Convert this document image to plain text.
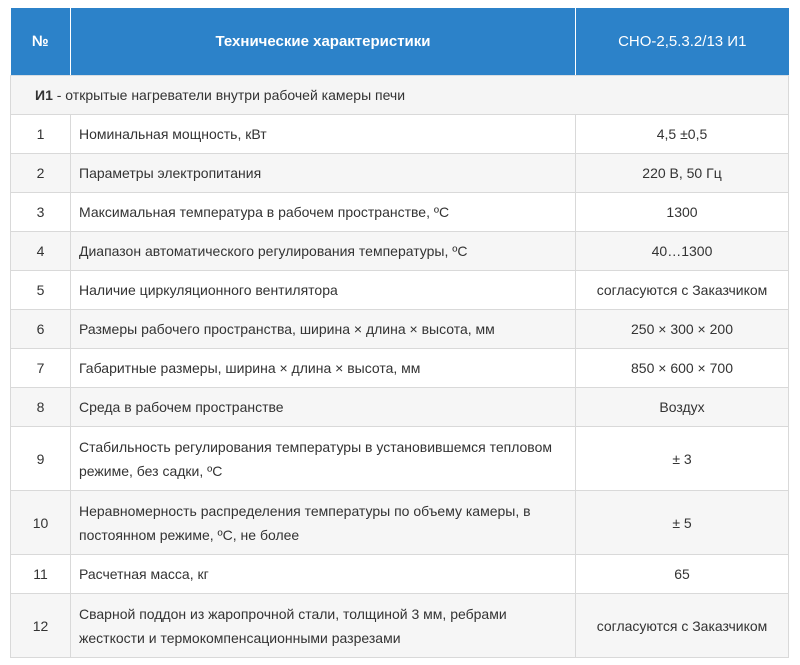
№	Технические характеристики	СНО-2,5.3.2/13 И1
И1 - открытые нагреватели внутри рабочей камеры печи		
1	Номинальная мощность, кВт	4,5 ±0,5
2	Параметры электропитания	220 В, 50 Гц
3	Максимальная температура в рабочем пространстве, ºС	1300
4	Диапазон автоматического регулирования температуры, ºС	40…1300
5	Наличие циркуляционного вентилятора	согласуются с Заказчиком
6	Размеры рабочего пространства, ширина × длина × высота, мм	250 × 300 × 200
7	Габаритные размеры, ширина × длина × высота, мм	850 × 600 × 700
8	Среда в рабочем пространстве	Воздух
9	Стабильность регулирования температуры в установившемся тепловом режиме, без садки, ºС	± 3
10	Неравномерность распределения температуры по объему камеры, в постоянном режиме, ºС, не более	± 5
11	Расчетная масса, кг	65
12	Сварной поддон из жаропрочной стали, толщиной 3 мм, ребрами жесткости и термокомпенсационными разрезами	согласуются с Заказчиком
